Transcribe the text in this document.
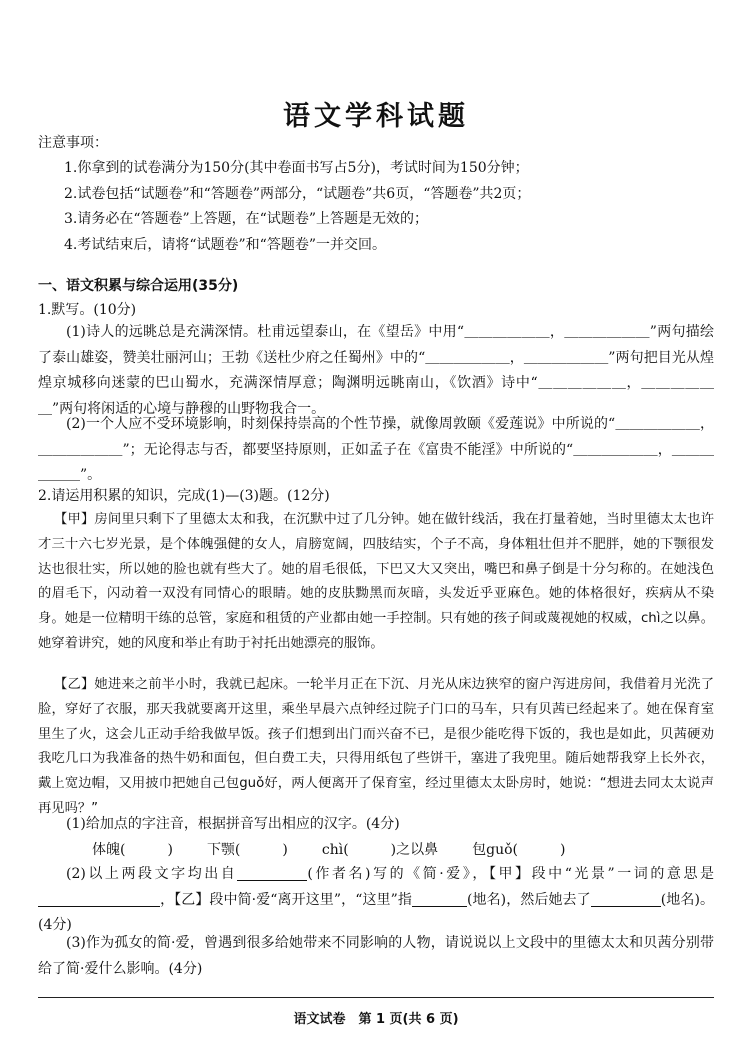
语文学科试题
注意事项：
1.你拿到的试卷满分为150分(其中卷面书写占5分)，考试时间为150分钟；
2.试卷包括“试题卷”和“答题卷”两部分，“试题卷”共6页，“答题卷”共2页；
3.请务必在“答题卷”上答题，在“试题卷”上答题是无效的；
4.考试结束后，请将“试题卷”和“答题卷”一并交回。
一、语文积累与综合运用(35分)
1.默写。(10分)
(1)诗人的远眺总是充满深情。杜甫远望泰山，在《望岳》中用“＿＿＿＿＿＿，＿＿＿＿＿＿”两句描绘了泰山雄姿，赞美壮丽河山；王勃《送杜少府之任蜀州》中的“＿＿＿＿＿＿，＿＿＿＿＿＿”两句把目光从煌煌京城移向迷蒙的巴山蜀水，充满深情厚意；陶渊明远眺南山，《饮酒》诗中“＿＿＿＿＿＿，＿＿＿＿＿＿”两句将闲适的心境与静穆的山野物我合一。
(2)一个人应不受环境影响，时刻保持崇高的个性节操，就像周敦颐《爱莲说》中所说的“＿＿＿＿＿＿，＿＿＿＿＿＿”；无论得志与否，都要坚持原则，正如孟子在《富贵不能淫》中所说的“＿＿＿＿＿＿，＿＿＿＿＿＿”。
2.请运用积累的知识，完成(1)—(3)题。(12分)
【甲】房间里只剩下了里德太太和我，在沉默中过了几分钟。她在做针线活，我在打量着她，当时里德太太也许才三十六七岁光景，是个体魄强健的女人，肩膀宽阔，四肢结实，个子不高，身体粗壮但并不肥胖，她的下颚很发达也很壮实，所以她的脸也就有些大了。她的眉毛很低，下巴又大又突出，嘴巴和鼻子倒是十分匀称的。在她浅色的眉毛下，闪动着一双没有同情心的眼睛。她的皮肤黝黑而灰暗，头发近乎亚麻色。她的体格很好，疾病从不染身。她是一位精明干练的总管，家庭和租赁的产业都由她一手控制。只有她的孩子间或蔑视她的权威，chì之以鼻。她穿着讲究，她的风度和举止有助于衬托出她漂亮的服饰。
【乙】她进来之前半小时，我就已起床。一轮半月正在下沉、月光从床边狭窄的窗户泻进房间，我借着月光洗了脸，穿好了衣服，那天我就要离开这里，乘坐早晨六点钟经过院子门口的马车，只有贝茜已经起来了。她在保育室里生了火，这会儿正动手给我做早饭。孩子们想到出门而兴奋不已，是很少能吃得下饭的，我也是如此，贝茜硬劝我吃几口为我准备的热牛奶和面包，但白费工夫，只得用纸包了些饼干，塞进了我兜里。随后她帮我穿上长外衣，戴上宽边帽，又用披巾把她自己包guǒ好，两人便离开了保育室，经过里德太太卧房时，她说：“想进去同太太说声再见吗？”
(1)给加点的字注音，根据拼音写出相应的汉字。(4分)
体魄(　　　) 下颚(　　　) chì(　　　)之以鼻 包guǒ(　　　)
(2)以上两段文字均出自	(作者名)写的《简·爱》，【甲】段中“光景”一词的意思是，【乙】段中简·爱“离开这里”，“这里”指	(地名)，然后她去了	(地名)。(4分)
(3)作为孤女的简·爱，曾遇到很多给她带来不同影响的人物，请说说以上文段中的里德太太和贝茜分别带给了简·爱什么影响。(4分)
语文试卷　第 1 页(共 6 页)
